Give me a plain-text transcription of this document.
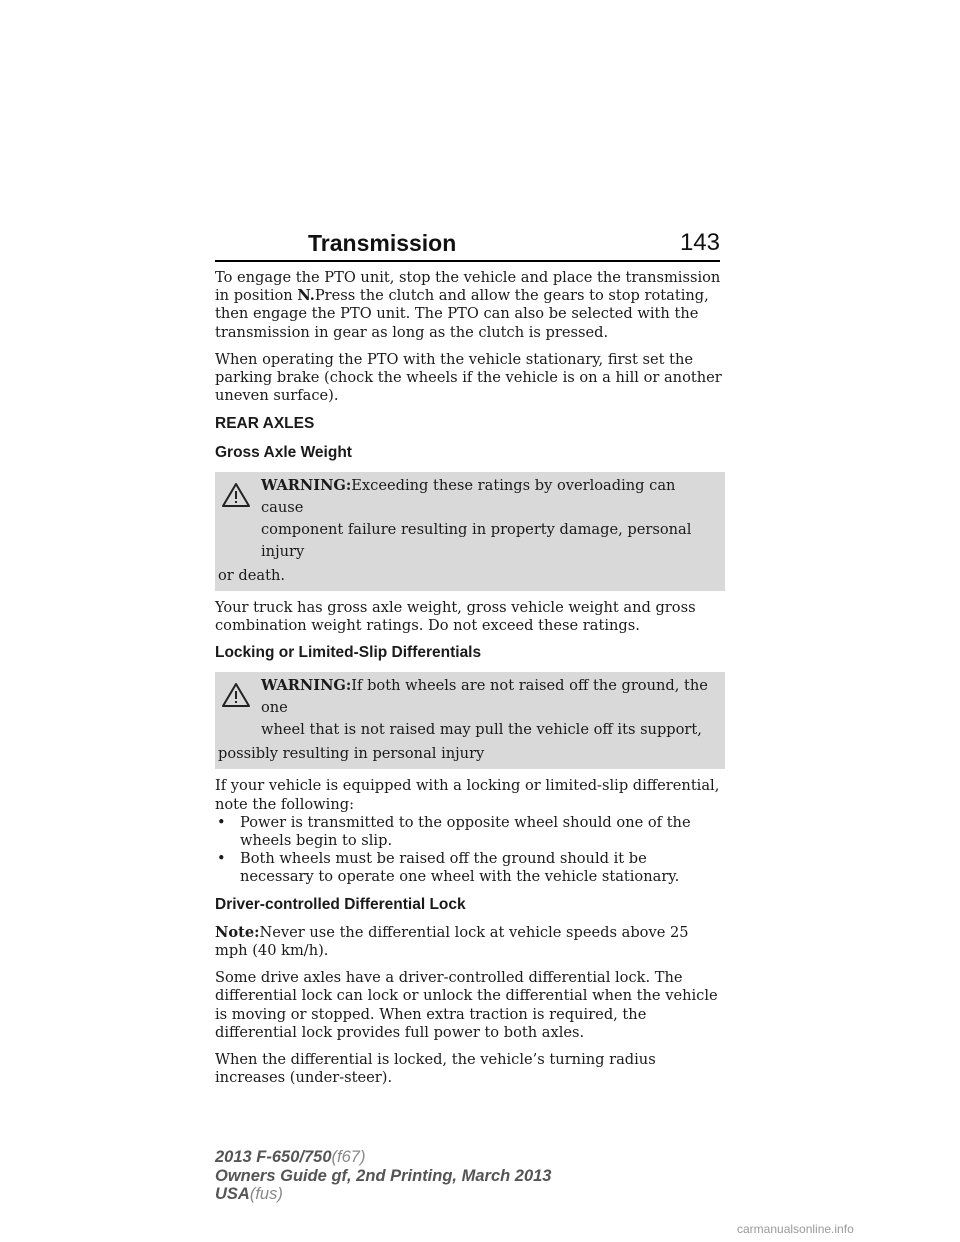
Transmission	143

To engage the PTO unit, stop the vehicle and place the transmission in position N.Press the clutch and allow the gears to stop rotating, then engage the PTO unit. The PTO can also be selected with the transmission in gear as long as the clutch is pressed.

When operating the PTO with the vehicle stationary, first set the parking brake (chock the wheels if the vehicle is on a hill or another uneven surface).

REAR AXLES
Gross Axle Weight
WARNING:Exceeding these ratings by overloading can cause
component failure resulting in property damage, personal injury
or death.

Your truck has gross axle weight, gross vehicle weight and gross combination weight ratings. Do not exceed these ratings.

Locking or Limited-Slip Differentials
WARNING:If both wheels are not raised off the ground, the one
wheel that is not raised may pull the vehicle off its support,
possibly resulting in personal injury

If your vehicle is equipped with a locking or limited-slip differential, note the following:

• Power is transmitted to the opposite wheel should one of the wheels begin to slip.
• Both wheels must be raised off the ground should it be necessary to operate one wheel with the vehicle stationary.
Driver-controlled Differential Lock

Note:Never use the differential lock at vehicle speeds above 25 mph (40 km/h).

Some drive axles have a driver-controlled differential lock. The differential lock can lock or unlock the differential when the vehicle is moving or stopped. When extra traction is required, the differential lock provides full power to both axles.

When the differential is locked, the vehicle’s turning radius increases (under-steer).

2013 F-650/750(f67)
Owners Guide gf, 2nd Printing, March 2013
USA(fus)
carmanualsonline.info
